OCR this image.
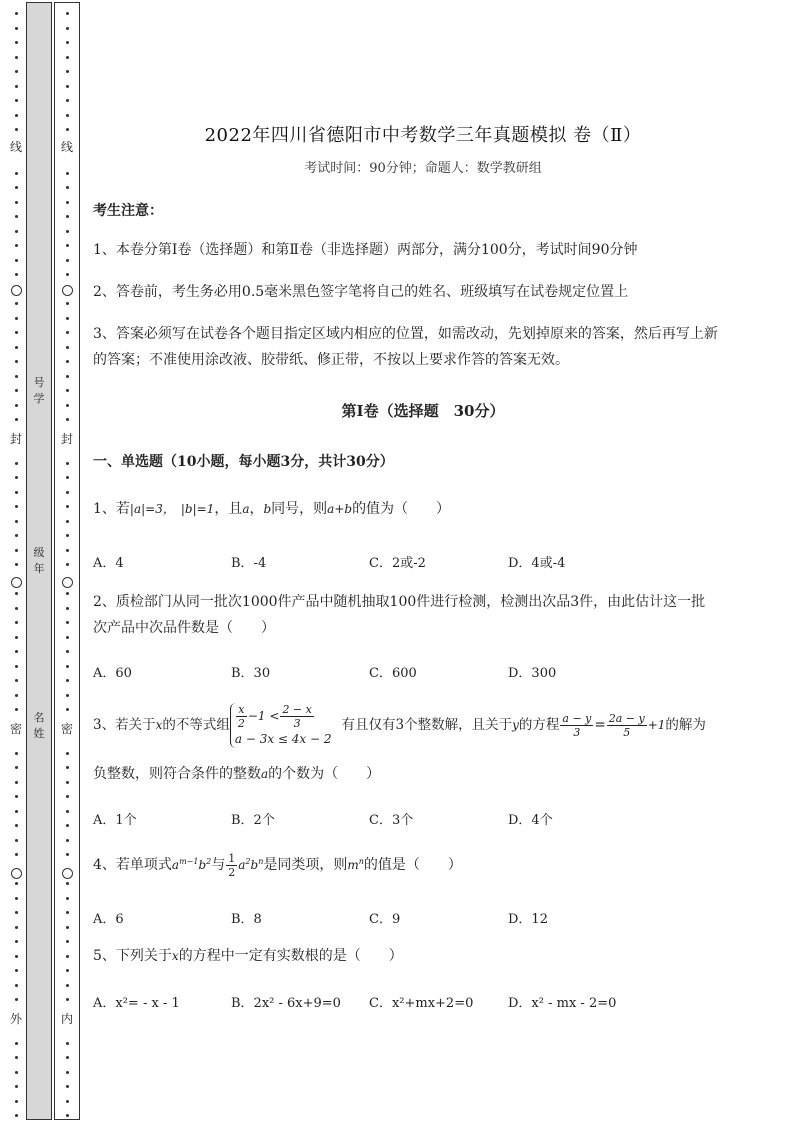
线
封
密
外
号 学
级 年
名 姓
线
封
密
内
2022年四川省德阳市中考数学三年真题模拟 卷（Ⅱ）
考试时间：90分钟；命题人：数学教研组
考生注意：
1、本卷分第Ⅰ卷（选择题）和第Ⅱ卷（非选择题）两部分，满分100分，考试时间90分钟
2、答卷前，考生务必用0.5毫米黑色签字笔将自己的姓名、班级填写在试卷规定位置上
3、答案必须写在试卷各个题目指定区域内相应的位置，如需改动，先划掉原来的答案，然后再写上新
的答案；不准使用涂改液、胶带纸、修正带，不按以上要求作答的答案无效。
第Ⅰ卷（选择题　30分）
一、单选题（10小题，每小题3分，共计30分）
1、若|a|=3， |b|=1，且a，b同号，则a+b的值为（　　）
A．4	B．-4	C．2或-2	D．4或-4
2、质检部门从同一批次1000件产品中随机抽取100件进行检测，检测出次品3件，由此估计这一批
次产品中次品件数是（　　）
A．60	B．30	C．600	D．300
3、若关于x的不等式组 $\frac{x}{2} -1 < \frac{2 - x}{3}$
a − 3x ≤ 4x − 2
有且仅有3个整数解，且关于y的方程 $\frac{a - y}{3} = \frac{2a - y}{5} +1$的解为
负整数，则符合条件的整数a的个数为（　　）
A．1个	B．2个	C．3个	D．4个
4、若单项式$a^{m-1}b^2$与 $\frac{1}{2} a^2b^n$是同类项，则$m^n$的值是（　　）
A．6	B．8	C．9	D．12
5、下列关于x的方程中一定有实数根的是（　　）
A．x²= - x - 1	B．2x² - 6x+9=0 C．x²+mx+2=0	D．x² - mx - 2=0
